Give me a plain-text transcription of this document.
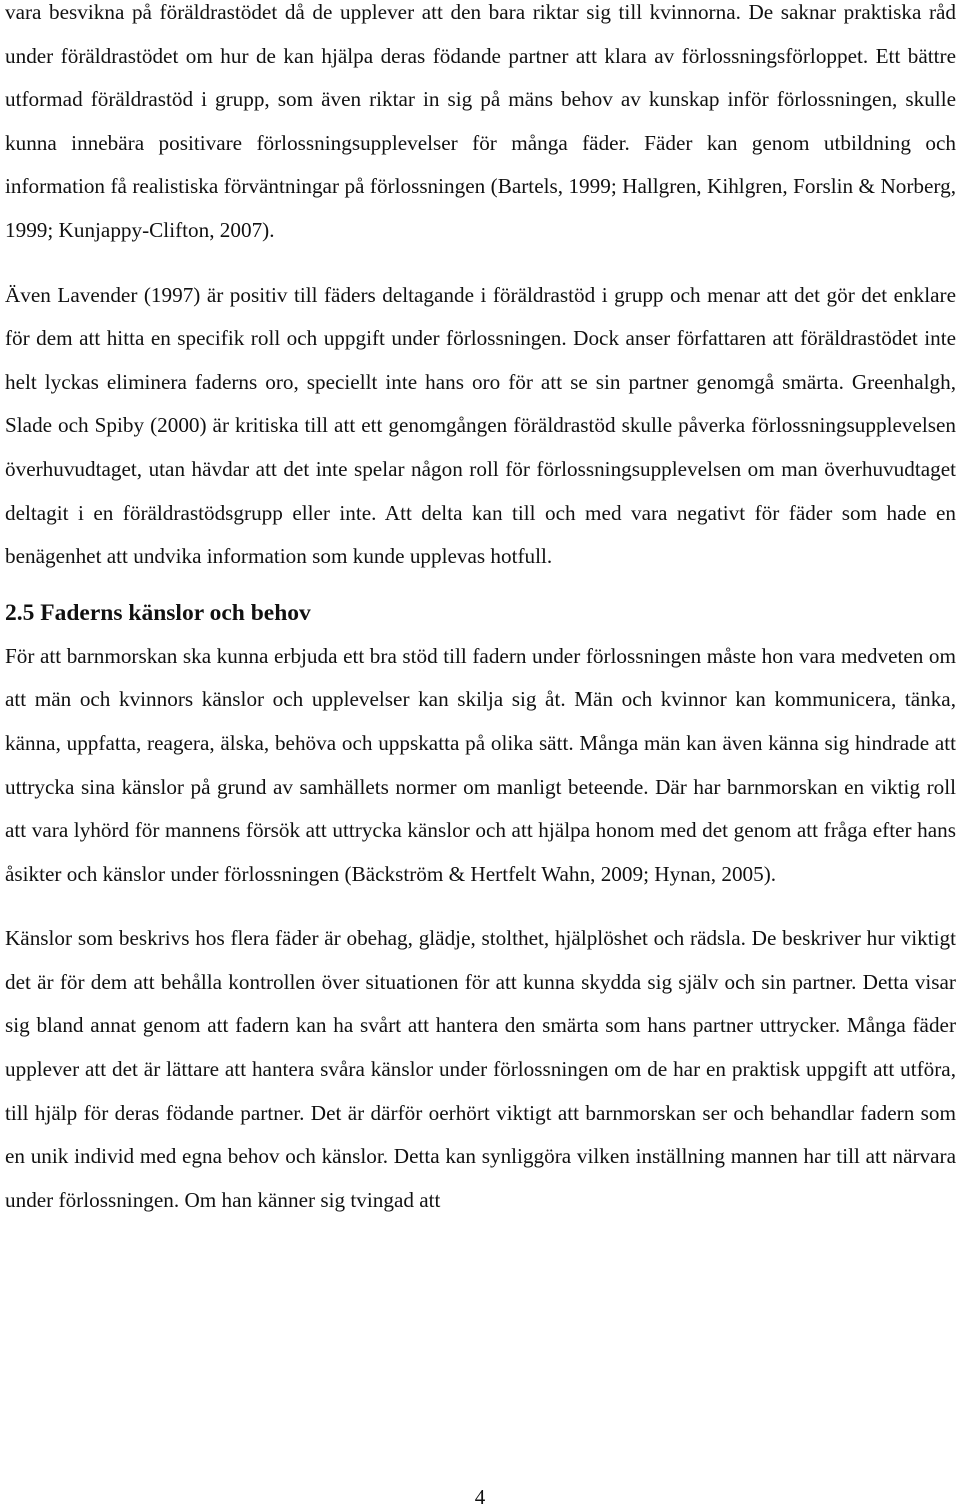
vara besvikna på föräldrastödet då de upplever att den bara riktar sig till kvinnorna. De saknar praktiska råd under föräldrastödet om hur de kan hjälpa deras födande partner att klara av förlossningsförloppet. Ett bättre utformad föräldrastöd i grupp, som även riktar in sig på mäns behov av kunskap inför förlossningen, skulle kunna innebära positivare förlossningsupplevelser för många fäder. Fäder kan genom utbildning och information få realistiska förväntningar på förlossningen (Bartels, 1999; Hallgren, Kihlgren, Forslin & Norberg, 1999; Kunjappy-Clifton, 2007).

Även Lavender (1997) är positiv till fäders deltagande i föräldrastöd i grupp och menar att det gör det enklare för dem att hitta en specifik roll och uppgift under förlossningen. Dock anser författaren att föräldrastödet inte helt lyckas eliminera faderns oro, speciellt inte hans oro för att se sin partner genomgå smärta. Greenhalgh, Slade och Spiby (2000) är kritiska till att ett genomgången föräldrastöd skulle påverka förlossningsupplevelsen överhuvudtaget, utan hävdar att det inte spelar någon roll för förlossningsupplevelsen om man överhuvudtaget deltagit i en föräldrastödsgrupp eller inte. Att delta kan till och med vara negativt för fäder som hade en benägenhet att undvika information som kunde upplevas hotfull.

2.5 Faderns känslor och behov

För att barnmorskan ska kunna erbjuda ett bra stöd till fadern under förlossningen måste hon vara medveten om att män och kvinnors känslor och upplevelser kan skilja sig åt. Män och kvinnor kan kommunicera, tänka, känna, uppfatta, reagera, älska, behöva och uppskatta på olika sätt. Många män kan även känna sig hindrade att uttrycka sina känslor på grund av samhällets normer om manligt beteende. Där har barnmorskan en viktig roll att vara lyhörd för mannens försök att uttrycka känslor och att hjälpa honom med det genom att fråga efter hans åsikter och känslor under förlossningen (Bäckström & Hertfelt Wahn, 2009; Hynan, 2005).

Känslor som beskrivs hos flera fäder är obehag, glädje, stolthet, hjälplöshet och rädsla. De beskriver hur viktigt det är för dem att behålla kontrollen över situationen för att kunna skydda sig själv och sin partner. Detta visar sig bland annat genom att fadern kan ha svårt att hantera den smärta som hans partner uttrycker. Många fäder upplever att det är lättare att hantera svåra känslor under förlossningen om de har en praktisk uppgift att utföra, till hjälp för deras födande partner. Det är därför oerhört viktigt att barnmorskan ser och behandlar fadern som en unik individ med egna behov och känslor. Detta kan synliggöra vilken inställning mannen har till att närvara under förlossningen. Om han känner sig tvingad att

4
